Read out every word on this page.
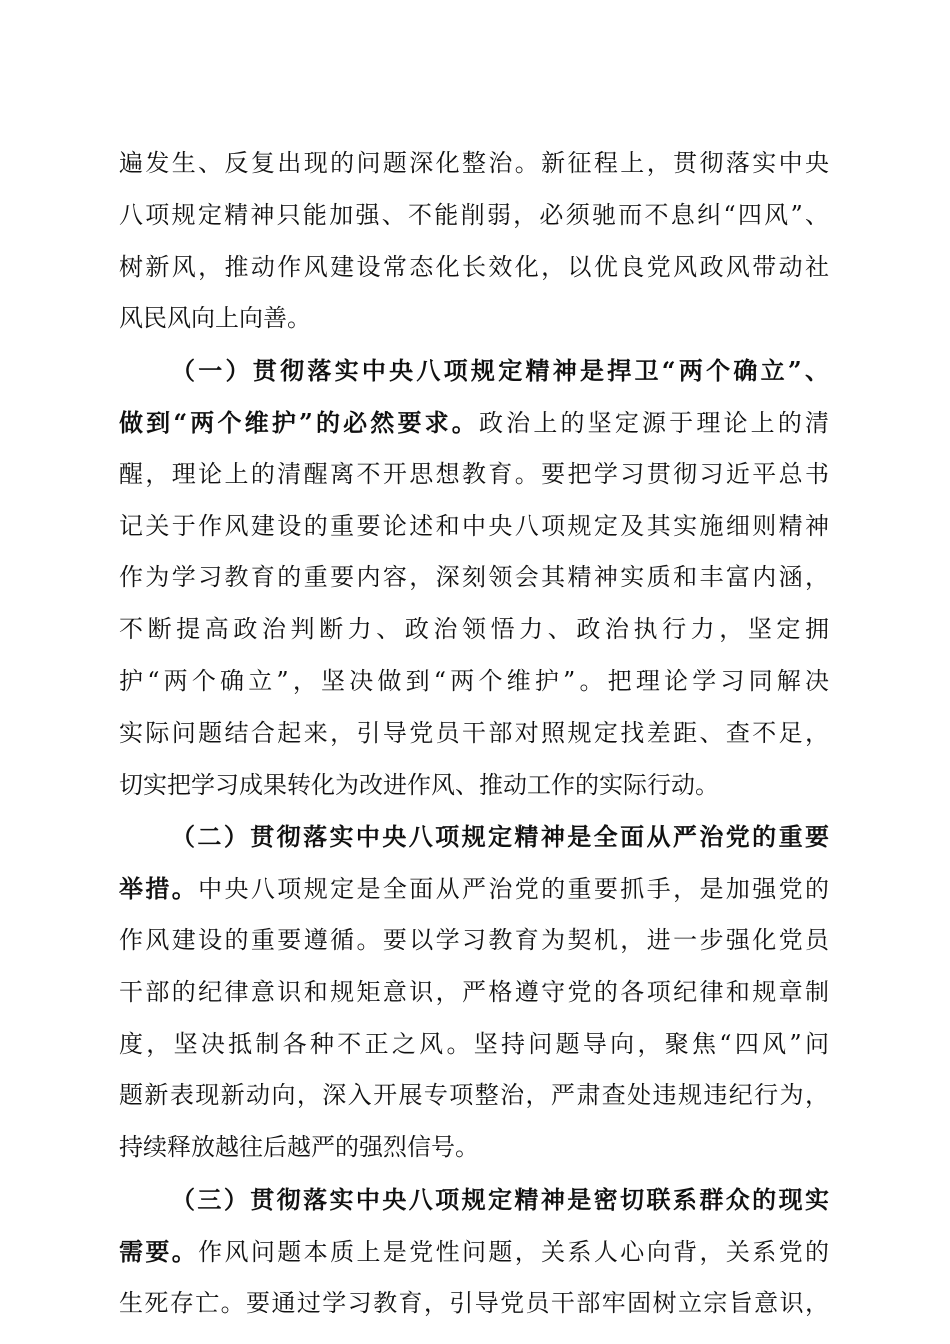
遍发生、反复出现的问题深化整治。新征程上，贯彻落实中央
八项规定精神只能加强、不能削弱，必须驰而不息纠“四风”、
树新风，推动作风建设常态化长效化，以优良党风政风带动社
风民风向上向善。
（一）贯彻落实中央八项规定精神是捍卫“两个确立”、
做到“两个维护”的必然要求。政治上的坚定源于理论上的清
醒，理论上的清醒离不开思想教育。要把学习贯彻习近平总书
记关于作风建设的重要论述和中央八项规定及其实施细则精神
作为学习教育的重要内容，深刻领会其精神实质和丰富内涵，
不断提高政治判断力、政治领悟力、政治执行力，坚定拥
护“两个确立”，坚决做到“两个维护”。把理论学习同解决
实际问题结合起来，引导党员干部对照规定找差距、查不足，
切实把学习成果转化为改进作风、推动工作的实际行动。
（二）贯彻落实中央八项规定精神是全面从严治党的重要
举措。中央八项规定是全面从严治党的重要抓手，是加强党的
作风建设的重要遵循。要以学习教育为契机，进一步强化党员
干部的纪律意识和规矩意识，严格遵守党的各项纪律和规章制
度，坚决抵制各种不正之风。坚持问题导向，聚焦“四风”问
题新表现新动向，深入开展专项整治，严肃查处违规违纪行为，
持续释放越往后越严的强烈信号。
（三）贯彻落实中央八项规定精神是密切联系群众的现实
需要。作风问题本质上是党性问题，关系人心向背，关系党的
生死存亡。要通过学习教育，引导党员干部牢固树立宗旨意识，
